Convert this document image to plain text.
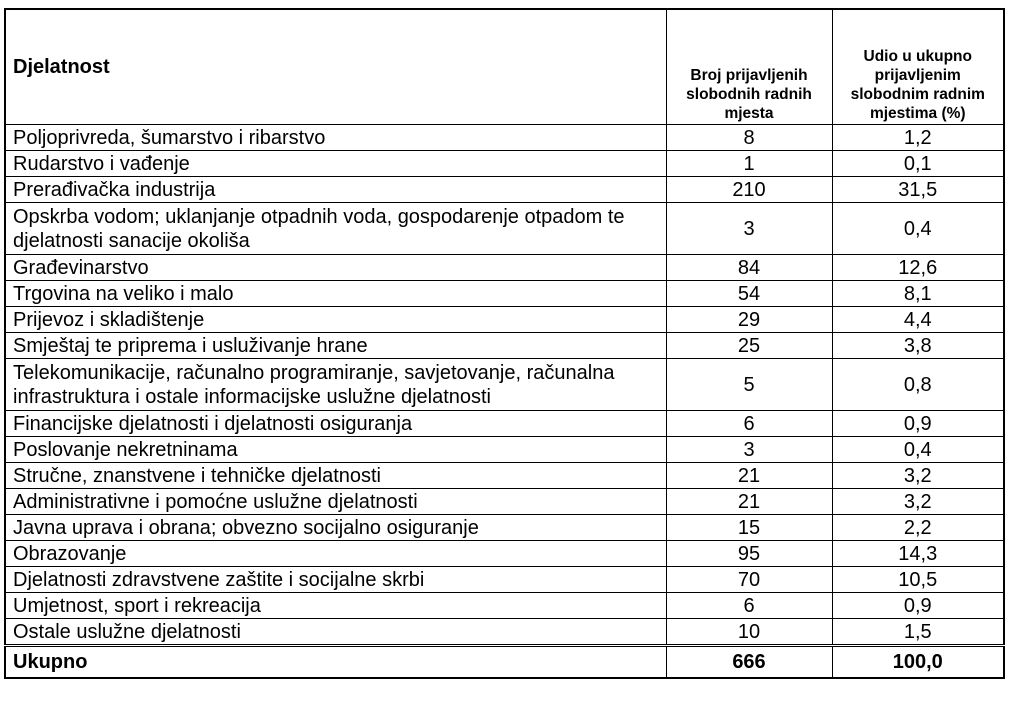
Djelatnost	Broj prijavljenih slobodnih radnih mjesta	Udio u ukupno prijavljenim slobodnim radnim mjestima (%)
Poljoprivreda, šumarstvo i ribarstvo	8	1,2
Rudarstvo i vađenje	1	0,1
Prerađivačka industrija	210	31,5
Opskrba vodom; uklanjanje otpadnih voda, gospodarenje otpadom te djelatnosti sanacije okoliša	3	0,4
Građevinarstvo	84	12,6
Trgovina na veliko i malo	54	8,1
Prijevoz i skladištenje	29	4,4
Smještaj te priprema i usluživanje hrane	25	3,8
Telekomunikacije, računalno programiranje, savjetovanje, računalna infrastruktura i ostale informacijske uslužne djelatnosti	5	0,8
Financijske djelatnosti i djelatnosti osiguranja	6	0,9
Poslovanje nekretninama	3	0,4
Stručne, znanstvene i tehničke djelatnosti	21	3,2
Administrativne i pomoćne uslužne djelatnosti	21	3,2
Javna uprava i obrana; obvezno socijalno osiguranje	15	2,2
Obrazovanje	95	14,3
Djelatnosti zdravstvene zaštite i socijalne skrbi	70	10,5
Umjetnost, sport i rekreacija	6	0,9
Ostale uslužne djelatnosti	10	1,5
Ukupno	666	100,0
